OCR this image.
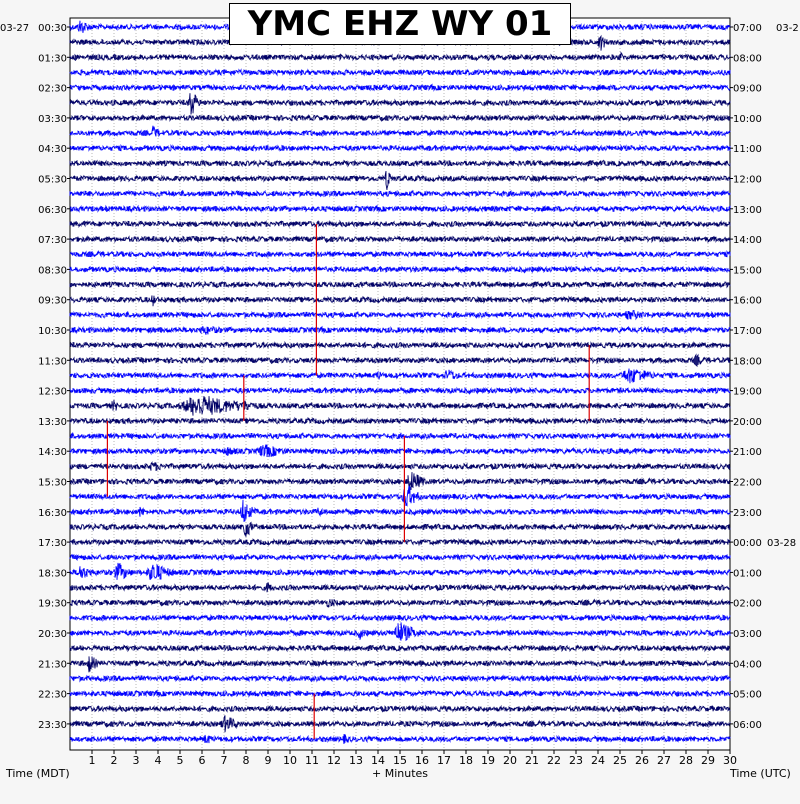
YMC EHZ WY 01
1 2 3 4 5 6 7 8 9 10 11 12 13 14 15 16 17 18 19 20 21 22 23 24 25 26 27 28 29 30
00:30
01:30
02:30
03:30
04:30
05:30
06:30
07:30
08:30
09:30
10:30
11:30
12:30
13:30
14:30
15:30
16:30
17:30
18:30
19:30
20:30
21:30
22:30
23:30
07:00
08:00
09:00
10:00
11:00
12:00
13:00
14:00
15:00
16:00
17:00
18:00
19:00
20:00
21:00
22:00
23:00
00:00 03-28
01:00
02:00
03:00
04:00
05:00
06:00
03-27	03-2
+ Minutes
Time (MDT)	Time (UTC)
